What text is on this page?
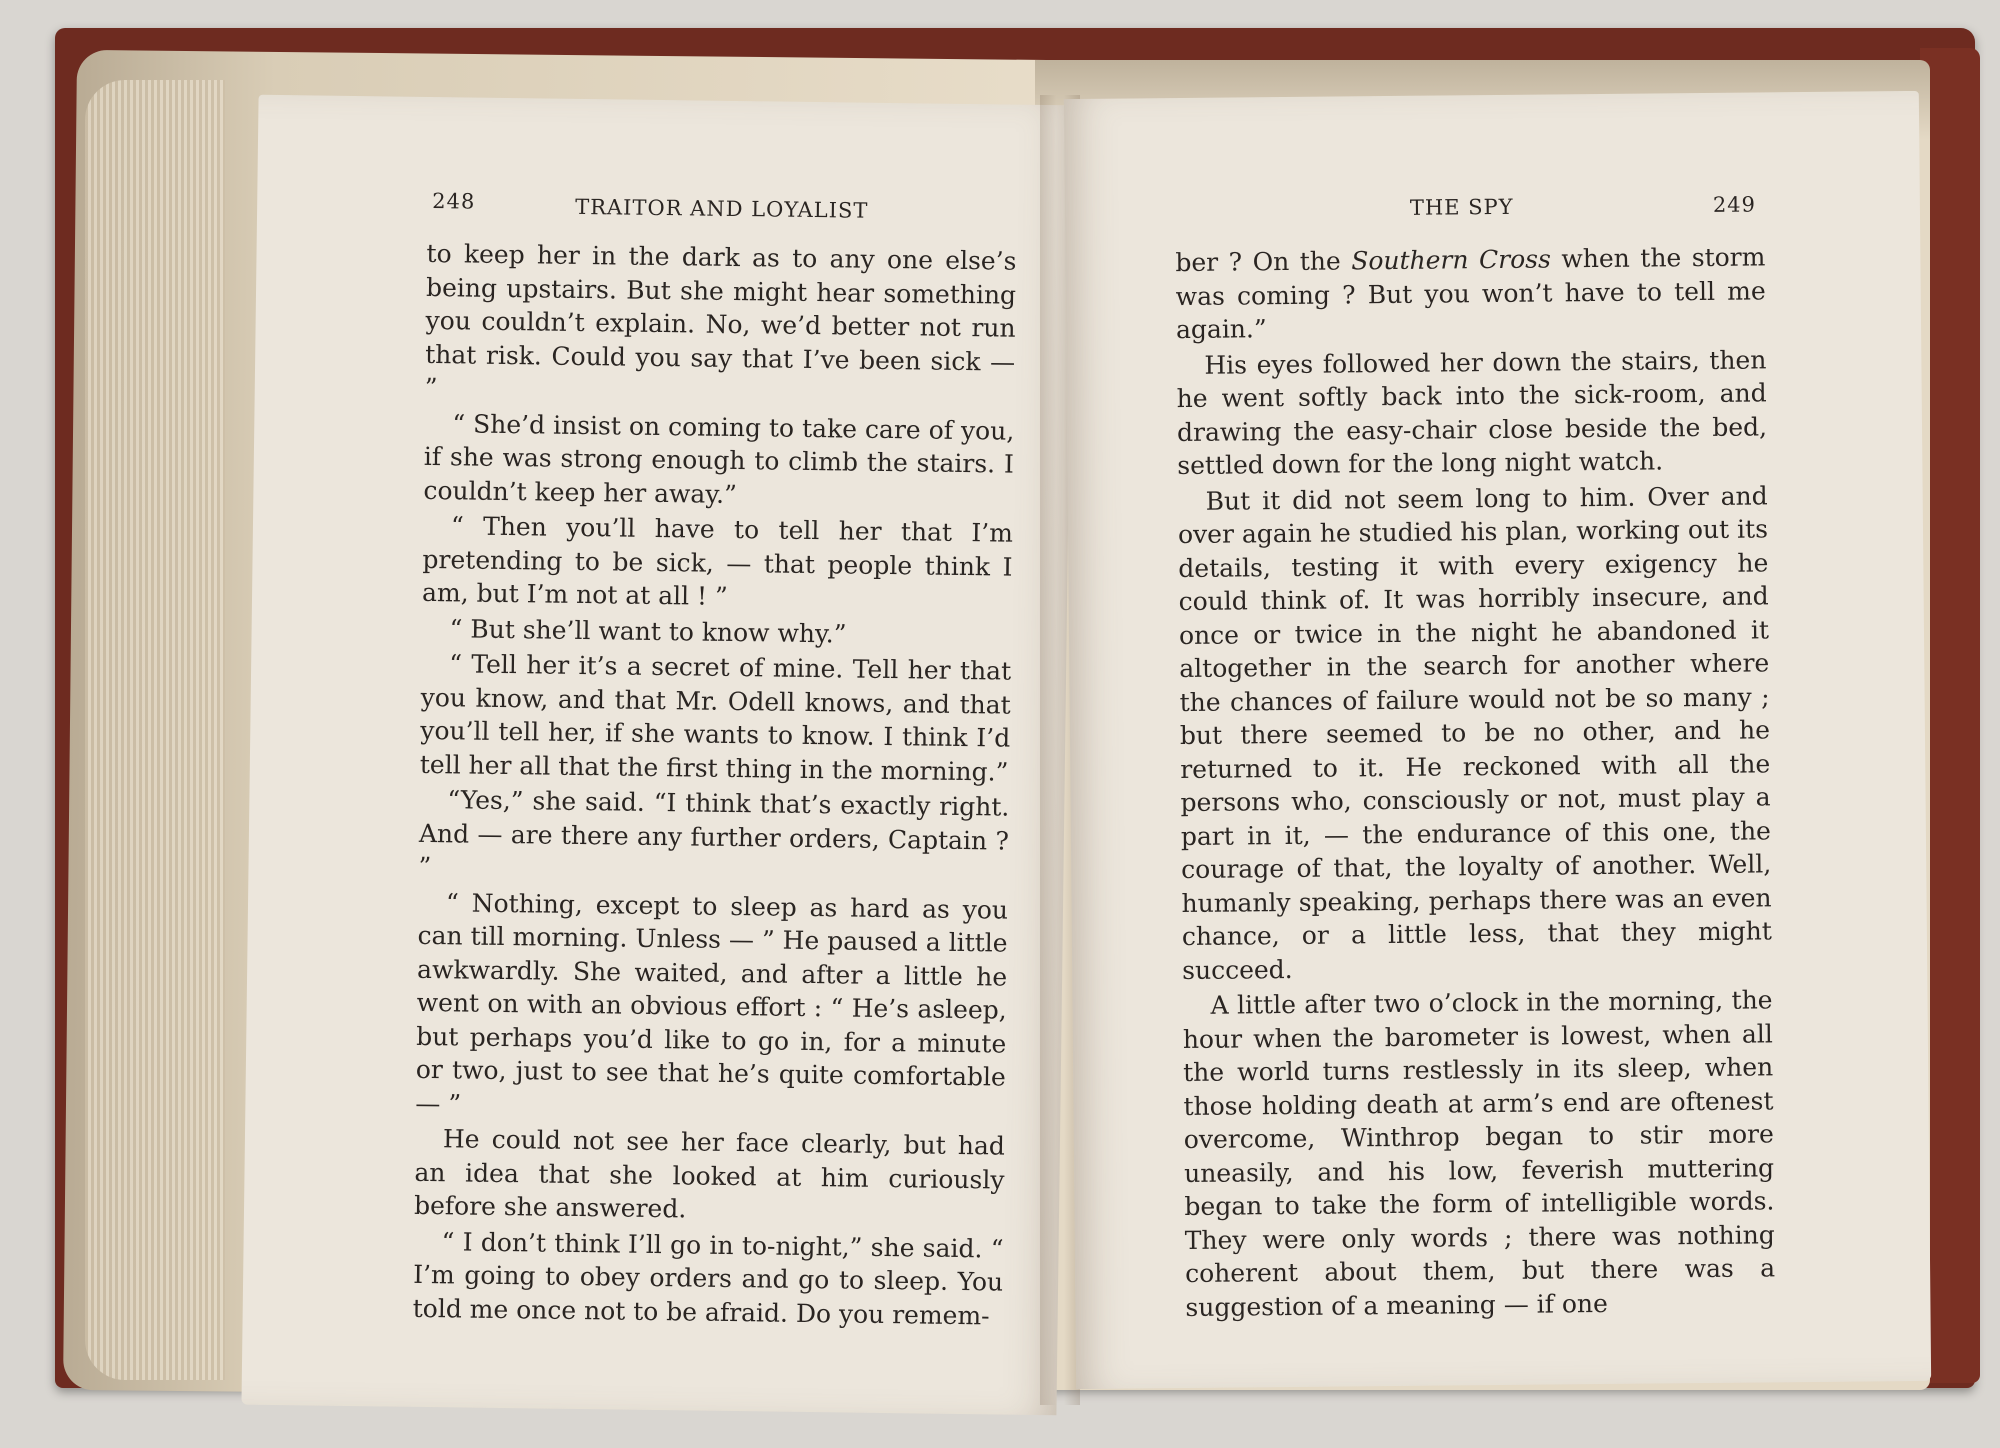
248	TRAITOR AND LOYALIST

to keep her in the dark as to any one else’s being upstairs. But she might hear something you couldn’t explain. No, we’d better not run that risk. Could you say that I’ve been sick — ”

“ She’d insist on coming to take care of you, if she was strong enough to climb the stairs. I couldn’t keep her away.”

“ Then you’ll have to tell her that I’m pretending to be sick, — that people think I am, but I’m not at all ! ”

“ But she’ll want to know why.”

“ Tell her it’s a secret of mine. Tell her that you know, and that Mr. Odell knows, and that you’ll tell her, if she wants to know. I think I’d tell her all that the first thing in the morning.”

“Yes,” she said. “I think that’s exactly right. And — are there any further orders, Captain ? ”

“ Nothing, except to sleep as hard as you can till morning. Unless — ” He paused a little awkwardly. She waited, and after a little he went on with an obvious effort : “ He’s asleep, but perhaps you’d like to go in, for a minute or two, just to see that he’s quite comfortable — ”

He could not see her face clearly, but had an idea that she looked at him curiously before she answered.

“ I don’t think I’ll go in to-night,” she said. “ I’m going to obey orders and go to sleep. You told me once not to be afraid. Do you remem-

THE SPY	249

ber ? On the Southern Cross when the storm was coming ? But you won’t have to tell me again.”

His eyes followed her down the stairs, then he went softly back into the sick-room, and drawing the easy-chair close beside the bed, settled down for the long night watch.

But it did not seem long to him. Over and over again he studied his plan, working out its details, testing it with every exigency he could think of. It was horribly insecure, and once or twice in the night he abandoned it altogether in the search for another where the chances of failure would not be so many ; but there seemed to be no other, and he returned to it. He reckoned with all the persons who, consciously or not, must play a part in it, — the endurance of this one, the courage of that, the loyalty of another. Well, humanly speaking, perhaps there was an even chance, or a little less, that they might succeed.

A little after two o’clock in the morning, the hour when the barometer is lowest, when all the world turns restlessly in its sleep, when those holding death at arm’s end are oftenest overcome, Winthrop began to stir more uneasily, and his low, feverish muttering began to take the form of intelligible words. They were only words ; there was nothing coherent about them, but there was a suggestion of a meaning — if one
